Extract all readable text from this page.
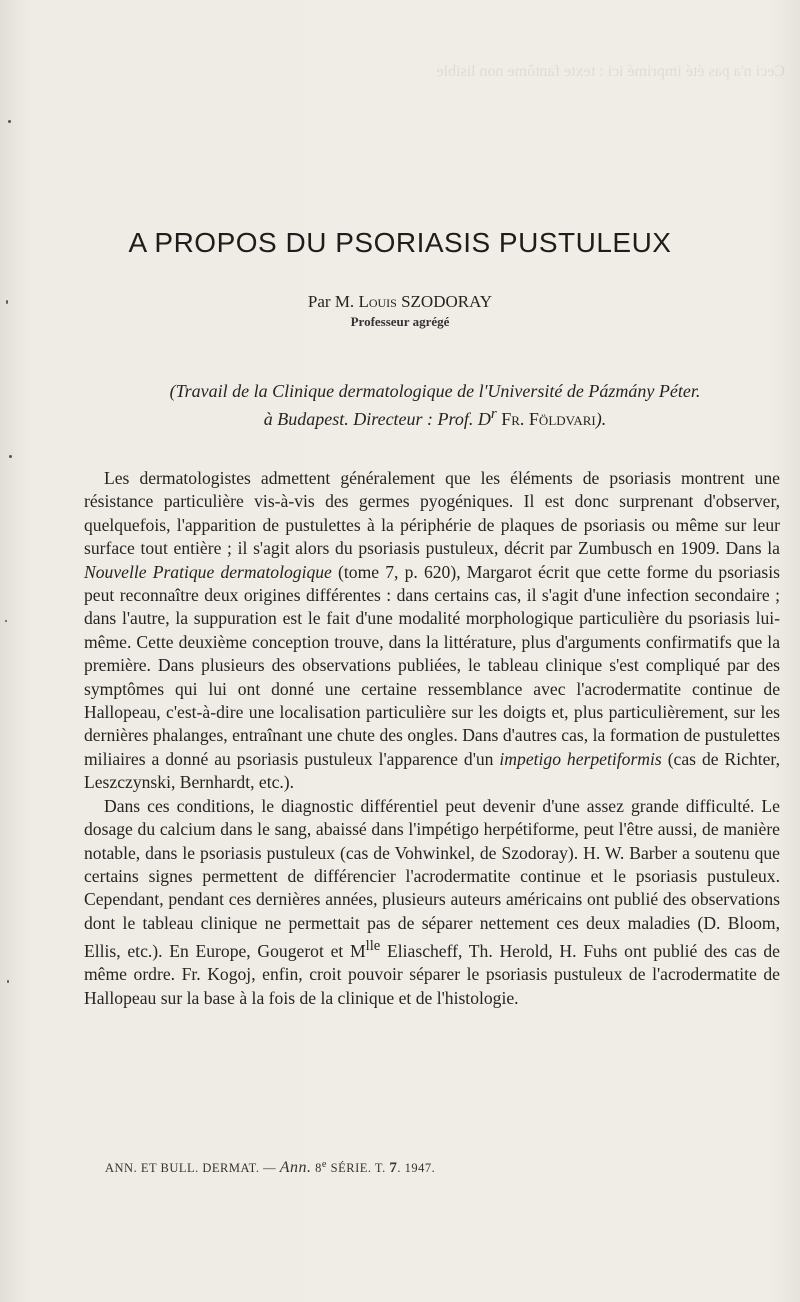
Ceci n'a pas été imprimé ici : texte fantôme non lisible
A PROPOS DU PSORIASIS PUSTULEUX
Par M. Louis SZODORAY
Professeur agrégé
(Travail de la Clinique dermatologique de l'Université de Pázmány Péter.
à Budapest. Directeur : Prof. $D^r$ Fr. Földvari).

Les dermatologistes admettent généralement que les éléments de psoriasis montrent une résistance particulière vis-à-vis des germes pyogéniques. Il est donc surprenant d'observer, quelquefois, l'apparition de pustulettes à la périphérie de plaques de psoriasis ou même sur leur surface tout entière ; il s'agit alors du psoriasis pustuleux, décrit par Zumbusch en 1909. Dans la Nouvelle Pratique dermatologique (tome 7, p. 620), Margarot écrit que cette forme du psoriasis peut reconnaître deux origines différentes : dans certains cas, il s'agit d'une infection secondaire ; dans l'autre, la suppuration est le fait d'une modalité morphologique particulière du psoriasis lui-même. Cette deuxième conception trouve, dans la littérature, plus d'arguments confirmatifs que la première. Dans plusieurs des observations publiées, le tableau clinique s'est compliqué par des symptômes qui lui ont donné une certaine ressemblance avec l'acrodermatite continue de Hallopeau, c'est-à-dire une localisation particulière sur les doigts et, plus particulièrement, sur les dernières phalanges, entraînant une chute des ongles. Dans d'autres cas, la formation de pustulettes miliaires a donné au psoriasis pustuleux l'apparence d'un impetigo herpetiformis (cas de Richter, Leszczynski, Bernhardt, etc.).

Dans ces conditions, le diagnostic différentiel peut devenir d'une assez grande difficulté. Le dosage du calcium dans le sang, abaissé dans l'impétigo herpétiforme, peut l'être aussi, de manière notable, dans le psoriasis pustuleux (cas de Vohwinkel, de Szodoray). H. W. Barber a soutenu que certains signes permettent de différencier l'acrodermatite continue et le psoriasis pustuleux. Cependant, pendant ces dernières années, plusieurs auteurs américains ont publié des observations dont le tableau clinique ne permettait pas de séparer nettement ces deux maladies (D. Bloom, Ellis, etc.). En Europe, Gougerot et $M^{lle}$ Eliascheff, Th. Herold, H. Fuhs ont publié des cas de même ordre. Fr. Kogoj, enfin, croit pouvoir séparer le psoriasis pustuleux de l'acrodermatite de Hallopeau sur la base à la fois de la clinique et de l'histologie.

ANN. ET BULL. DERMAT. — Ann. 8e SÉRIE. T. 7. 1947.
